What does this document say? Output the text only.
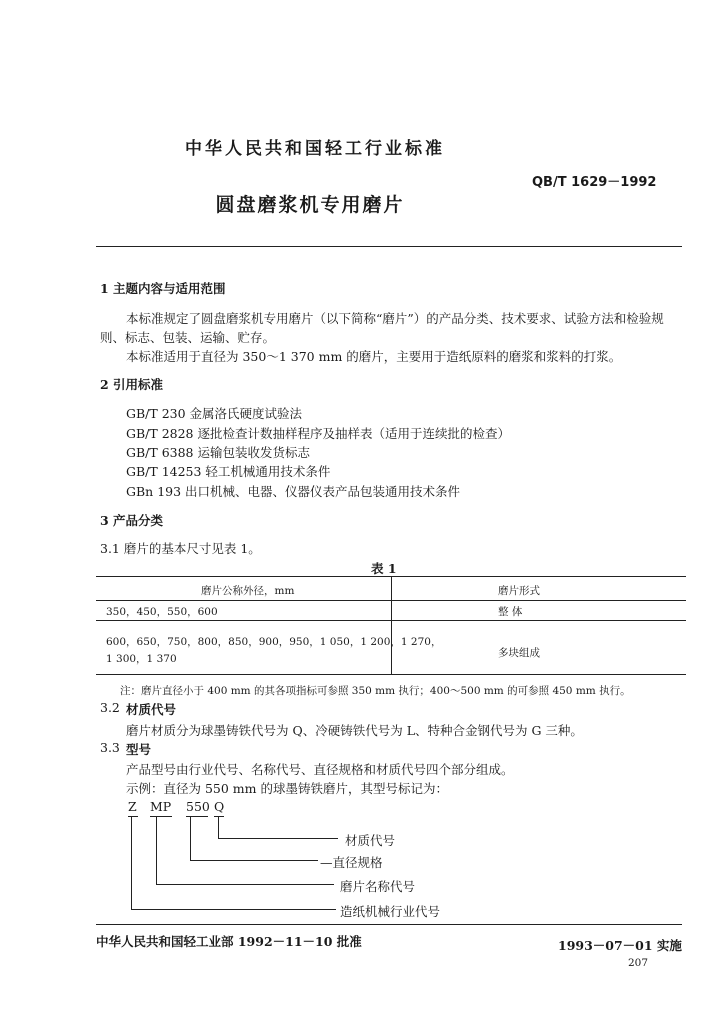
中华人民共和国轻工行业标准
QB/T 1629－1992
圆盘磨浆机专用磨片
1 主题内容与适用范围
本标准规定了圆盘磨浆机专用磨片（以下简称“磨片”）的产品分类、技术要求、试验方法和检验规
则、标志、包装、运输、贮存。
本标准适用于直径为 350～1 370 mm 的磨片，主要用于造纸原料的磨浆和浆料的打浆。
2 引用标准
GB/T 230 金属洛氏硬度试验法
GB/T 2828 逐批检查计数抽样程序及抽样表（适用于连续批的检查）
GB/T 6388 运输包装收发货标志
GB/T 14253 轻工机械通用技术条件
GBn 193 出口机械、电器、仪器仪表产品包装通用技术条件
3 产品分类
3.1 磨片的基本尺寸见表 1。
表 1
磨片公称外径，mm	磨片形式
350，450，550，600	整 体
600，650，750，800，850，900，950，1 050，1 200，1 270，
1 300，1 370	多块组成
注：磨片直径小于 400 mm 的其各项指标可参照 350 mm 执行；400～500 mm 的可参照 450 mm 执行。
3.2 材质代号
磨片材质分为球墨铸铁代号为 Q、冷硬铸铁代号为 L、特种合金钢代号为 G 三种。
3.3 型号
产品型号由行业代号、名称代号、直径规格和材质代号四个部分组成。
示例：直径为 550 mm 的球墨铸铁磨片，其型号标记为：
Z MP 550 Q
材质代号
—直径规格
磨片名称代号
造纸机械行业代号
中华人民共和国轻工业部 1992－11－10 批准	1993－07－01 实施
207
